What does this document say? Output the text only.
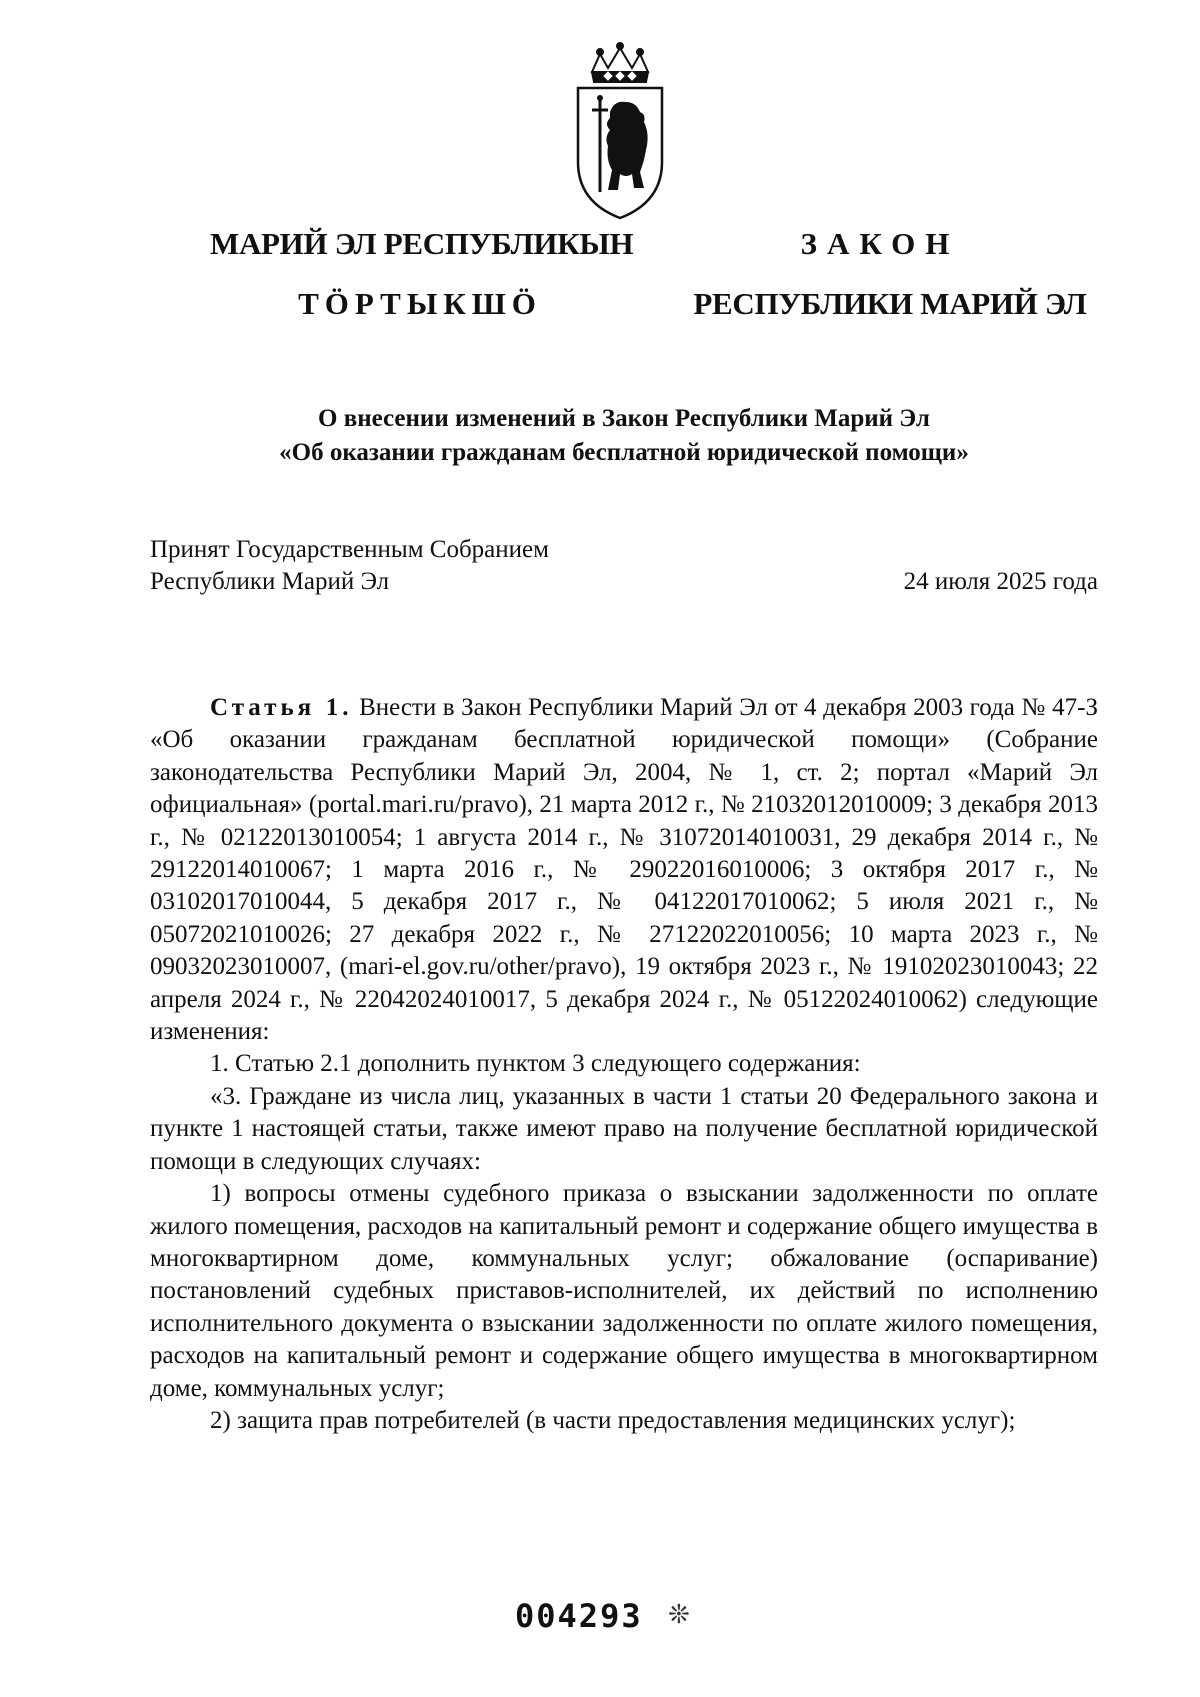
МАРИЙ ЭЛ РЕСПУБЛИКЫН
ТӦРТЫКШӦ
ЗАКОН
РЕСПУБЛИКИ МАРИЙ ЭЛ
О внесении изменений в Закон Республики Марий Эл
«Об оказании гражданам бесплатной юридической помощи»
Принят Государственным Собранием
Республики Марий Эл	24 июля 2025 года

Статья 1. Внести в Закон Республики Марий Эл от 4 декабря 2003 года № 47-З «Об оказании гражданам бесплатной юридической помощи» (Собрание законодательства Республики Марий Эл, 2004, № 1, ст. 2; портал «Марий Эл официальная» (portal.mari.ru/pravo), 21 марта 2012 г., № 21032012010009; 3 декабря 2013 г., № 02122013010054; 1 августа 2014 г., № 31072014010031, 29 декабря 2014 г., № 29122014010067; 1 марта 2016 г., № 29022016010006; 3 октября 2017 г., № 03102017010044, 5 декабря 2017 г., № 04122017010062; 5 июля 2021 г., № 05072021010026; 27 декабря 2022 г., № 27122022010056; 10 марта 2023 г., № 09032023010007, (mari-el.gov.ru/other/pravo), 19 октября 2023 г., № 19102023010043; 22 апреля 2024 г., № 22042024010017, 5 декабря 2024 г., № 05122024010062) следующие изменения:

1. Статью 2.1 дополнить пунктом 3 следующего содержания:

«3. Граждане из числа лиц, указанных в части 1 статьи 20 Федерального закона и пункте 1 настоящей статьи, также имеют право на получение бесплатной юридической помощи в следующих случаях:

1) вопросы отмены судебного приказа о взыскании задолженности по оплате жилого помещения, расходов на капитальный ремонт и содержание общего имущества в многоквартирном доме, коммунальных услуг; обжалование (оспаривание) постановлений судебных приставов-исполнителей, их действий по исполнению исполнительного документа о взыскании задолженности по оплате жилого помещения, расходов на капитальный ремонт и содержание общего имущества в многоквартирном доме, коммунальных услуг;

2) защита прав потребителей (в части предоставления медицинских услуг);

004293 ❊
